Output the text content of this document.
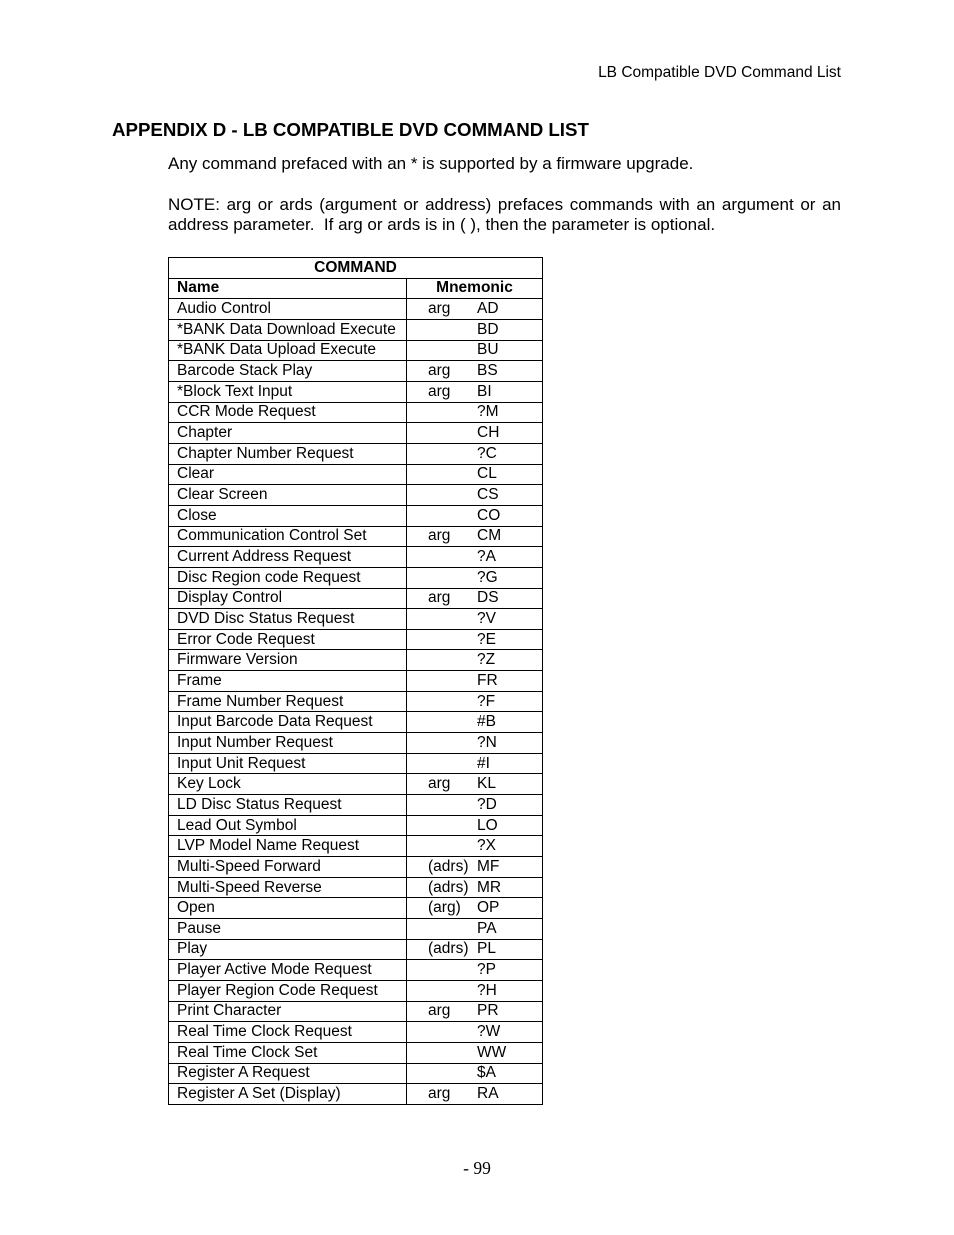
LB Compatible DVD Command List
APPENDIX D - LB COMPATIBLE DVD COMMAND LIST

Any command prefaced with an * is supported by a firmware upgrade.

NOTE: arg or ards (argument or address) prefaces commands with an argument or an address parameter.  If arg or ards is in ( ), then the parameter is optional.

COMMAND	
Name	Mnemonic
Audio Control	arg AD
*BANK Data Download Execute	BD
*BANK Data Upload Execute	BU
Barcode Stack Play	arg BS
*Block Text Input	arg BI
CCR Mode Request	?M
Chapter	CH
Chapter Number Request	?C
Clear	CL
Clear Screen	CS
Close	CO
Communication Control Set	arg CM
Current Address Request	?A
Disc Region code Request	?G
Display Control	arg DS
DVD Disc Status Request	?V
Error Code Request	?E
Firmware Version	?Z
Frame	FR
Frame Number Request	?F
Input Barcode Data Request	#B
Input Number Request	?N
Input Unit Request	#I
Key Lock	arg KL
LD Disc Status Request	?D
Lead Out Symbol	LO
LVP Model Name Request	?X
Multi-Speed Forward	(adrs) MF
Multi-Speed Reverse	(adrs) MR
Open	(arg) OP
Pause	PA
Play	(adrs) PL
Player Active Mode Request	?P
Player Region Code Request	?H
Print Character	arg PR
Real Time Clock Request	?W
Real Time Clock Set	WW
Register A Request	$A
Register A Set (Display)	arg RA
- 99
